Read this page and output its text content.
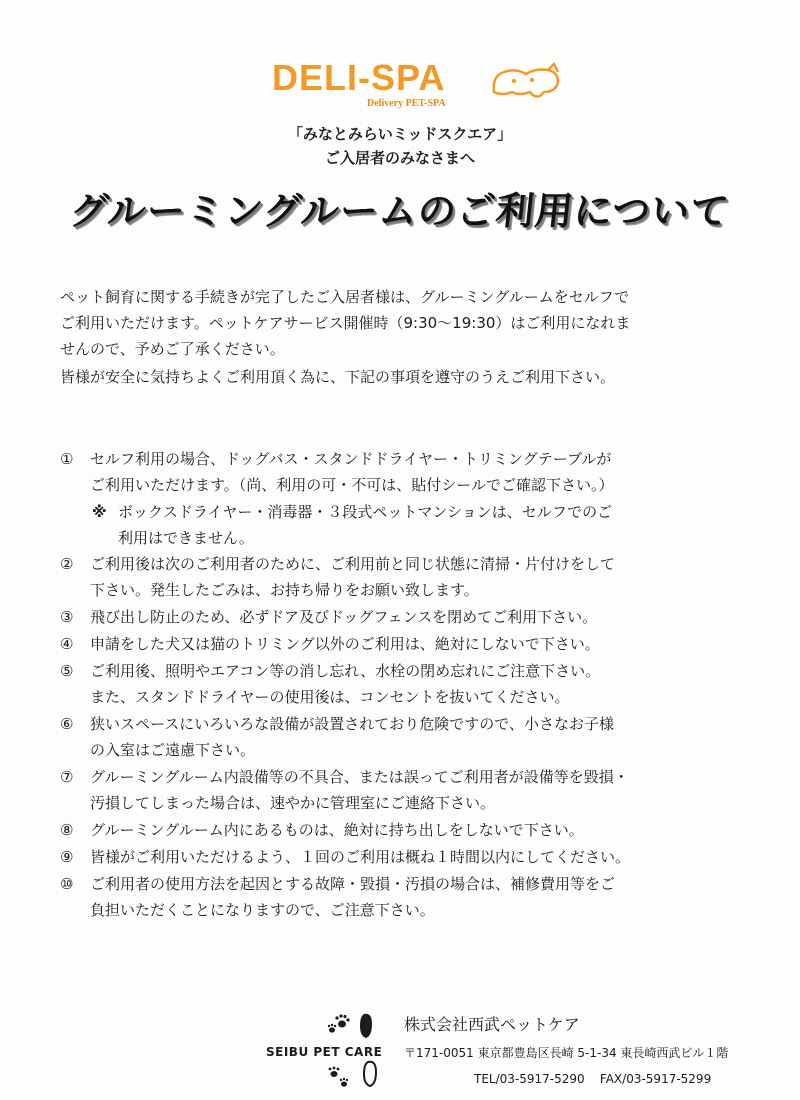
DELI-SPA
Delivery PET-SPA
「みなとみらいミッドスクエア」
ご入居者のみなさまへ
グルーミングルームのご利用について
ペット飼育に関する手続きが完了したご入居者様は、グルーミングルームをセルフで
ご利用いただけます。ペットケアサービス開催時（9:30～19:30）はご利用になれま
せんので、予めご了承ください。
皆様が安全に気持ちよくご利用頂く為に、下記の事項を遵守のうえご利用下さい。
①	セルフ利用の場合、ドッグバス・スタンドドライヤー・トリミングテーブルが
ご利用いただけます。（尚、利用の可・不可は、貼付シールでご確認下さい。）
※ ボックスドライヤー・消毒器・３段式ペットマンションは、セルフでのご
利用はできません。
②	ご利用後は次のご利用者のために、ご利用前と同じ状態に清掃・片付けをして
下さい。発生したごみは、お持ち帰りをお願い致します。
③	飛び出し防止のため、必ずドア及びドッグフェンスを閉めてご利用下さい。
④	申請をした犬又は猫のトリミング以外のご利用は、絶対にしないで下さい。
⑤	ご利用後、照明やエアコン等の消し忘れ、水栓の閉め忘れにご注意下さい。
また、スタンドドライヤーの使用後は、コンセントを抜いてください。
⑥	狭いスペースにいろいろな設備が設置されており危険ですので、小さなお子様
の入室はご遠慮下さい。
⑦	グルーミングルーム内設備等の不具合、または誤ってご利用者が設備等を毀損・
汚損してしまった場合は、速やかに管理室にご連絡下さい。
⑧	グルーミングルーム内にあるものは、絶対に持ち出しをしないで下さい。
⑨	皆様がご利用いただけるよう、１回のご利用は概ね１時間以内にしてください。
⑩	ご利用者の使用方法を起因とする故障・毀損・汚損の場合は、補修費用等をご
負担いただくことになりますので、ご注意下さい。
SEIBU PET CARE
株式会社西武ペットケア
〒171-0051 東京都豊島区長崎 5-1-34 東長崎西武ビル１階
TEL/03-5917-5290 FAX/03-5917-5299
